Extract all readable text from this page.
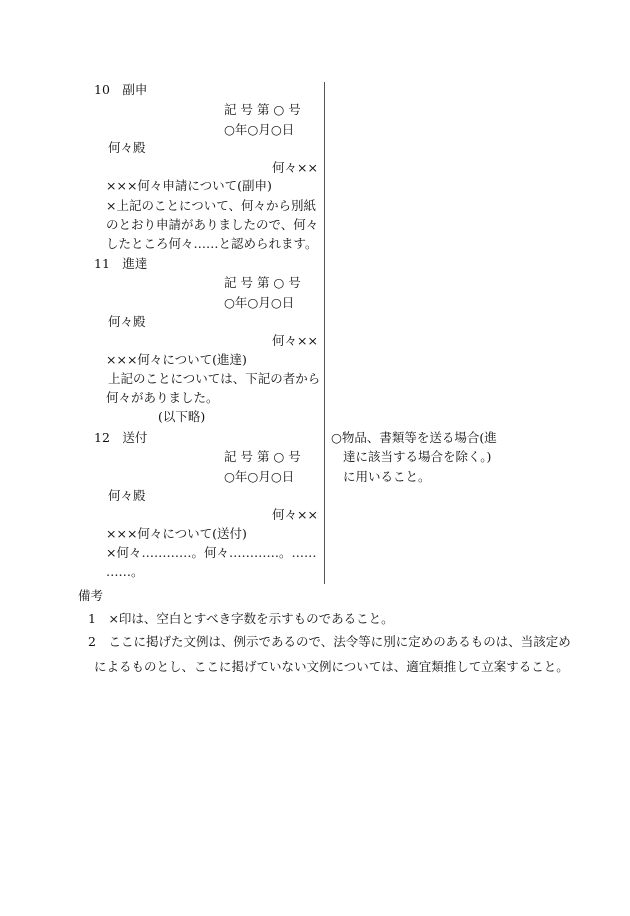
10　副申
記 号 第 ○ 号
○年○月○日
何々殿
何々××
×××何々申請について(副申)
×上記のことについて、何々から別紙
のとおり申請がありましたので、何々
したところ何々……と認められます。
11　進達
記 号 第 ○ 号
○年○月○日
何々殿
何々××
×××何々について(進達)
上記のことについては、下記の者から
何々がありました。
(以下略)
12　送付
記 号 第 ○ 号
○年○月○日
何々殿
何々××
×××何々について(送付)
×何々…………。何々…………。……
……。
○物品、書類等を送る場合(進
達に該当する場合を除く。)
に用いること。
備考
1　×印は、空白とすべき字数を示すものであること。
2　ここに掲げた文例は、例示であるので、法令等に別に定めのあるものは、当該定め
によるものとし、ここに掲げていない文例については、適宜類推して立案すること。
